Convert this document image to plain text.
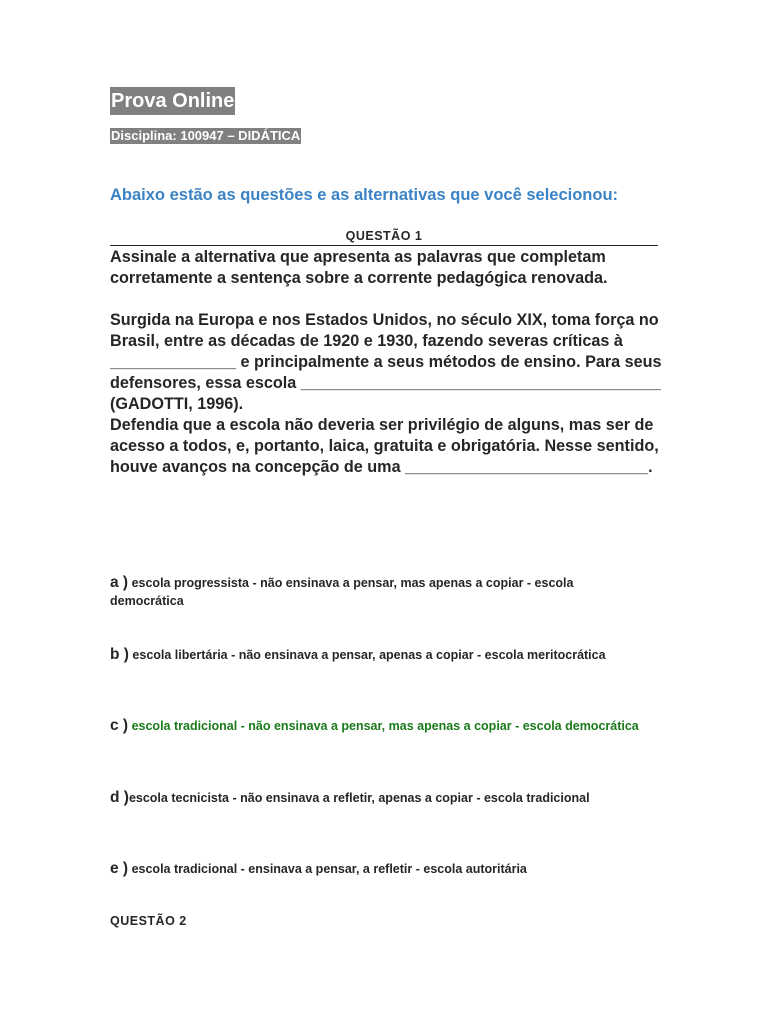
Prova Online
Disciplina: 100947 – DIDÁTICA
Abaixo estão as questões e as alternativas que você selecionou:
QUESTÃO 1

Assinale a alternativa que apresenta as palavras que completam corretamente a sentença sobre a corrente pedagógica renovada.

Surgida na Europa e nos Estados Unidos, no século XIX, toma força no Brasil, entre as décadas de 1920 e 1930, fazendo severas críticas à ______________ e principalmente a seus métodos de ensino. Para seus defensores, essa escola ________________________________________ (GADOTTI, 1996).

Defendia que a escola não deveria ser privilégio de alguns, mas ser de acesso a todos, e, portanto, laica, gratuita e obrigatória. Nesse sentido, houve avanços na concepção de uma ___________________________.

a ) escola progressista - não ensinava a pensar, mas apenas a copiar - escola democrática
b ) escola libertária - não ensinava a pensar, apenas a copiar - escola meritocrática
c ) escola tradicional - não ensinava a pensar, mas apenas a copiar - escola democrática
d )escola tecnicista - não ensinava a refletir, apenas a copiar - escola tradicional
e ) escola tradicional - ensinava a pensar, a refletir - escola autoritária
QUESTÃO 2
